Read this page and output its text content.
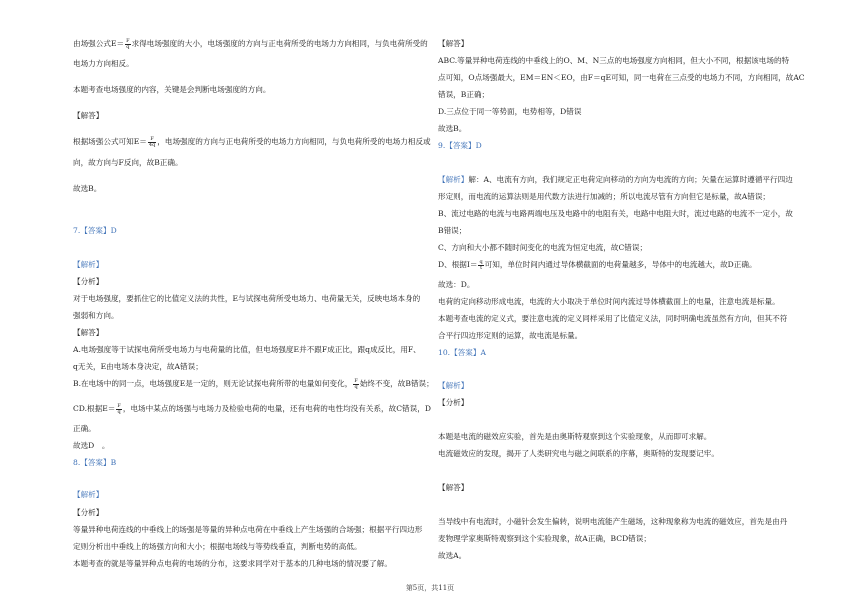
由场强公式$E= \frac{F}{q}$ 求得电场强度的大小，电场强度的方向与正电荷所受的电场力方向相同，与负电荷所受的
电场力方向相反。
本题考查电场强度的内容，关键是会判断电场强度的方向。
【解答】
根据场强公式可知$E= \frac{F}{4q}$ ，电场强度的方向与正电荷所受的电场力方向相同，与负电荷所受的电场力相反或
向，故方向与F反向，故B正确。
故选B。
7.【答案】D
【解析】
【分析】
对于电场强度，要抓住它的比值定义法的共性，E与试探电荷所受电场力、电荷量无关，反映电场本身的
强弱和方向。
【解答】
A.电场强度等于试探电荷所受电场力与电荷量的比值，但电场强度E并不跟F成正比，跟q成反比，用F、
q无关，E由电场本身决定，故A错误；
B.在电场中的同一点，电场强度E是一定的，则无论试探电荷所带的电量如何变化， $\frac{F}{q}$ 始终不变，故B错误；
CD.根据$E= \frac{F}{q}$ ，电场中某点的场强与电场力及检验电荷的电量，还有电荷的电性均没有关系，故C错误，D
正确。
故选D　。
8.【答案】B
【解析】
【分析】
等量异种电荷连线的中垂线上的场强是等量的异种点电荷在中垂线上产生场强的合场强；根据平行四边形
定则分析出中垂线上的场强方向和大小；根据电场线与等势线垂直，判断电势的高低。
本题考查的就是等量异种点电荷的电场的分布，这要求同学对于基本的几种电场的情况要了解。
【解答】
ABC.等量异种电荷连线的中垂线上的O、M、N三点的电场强度方向相同，但大小不同，根据该电场的特
点可知，O点场强最大，EM＝EN＜EO，由F＝qE可知，同一电荷在三点受的电场力不同，方向相同，故AC
错误，B正确；
D.三点位于同一等势面，电势相等，D错误
故选B。
9.【答案】D
【解析】解：A、电流有方向，我们规定正电荷定向移动的方向为电流的方向；矢量在运算时遵循平行四边
形定则，而电流的运算法则是用代数方法进行加减的；所以电流尽管有方向但它是标量，故A错误；
B、流过电路的电流与电路两端电压及电路中的电阻有关，电路中电阻大时，流过电路的电流不一定小，故
B错误；
C、方向和大小都不随时间变化的电流为恒定电流，故C错误；
D、根据$I= \frac{q}{t}$ 可知，单位时间内通过导体横截面的电荷量越多，导体中的电流越大，故D正确。
故选：D。
电荷的定向移动形成电流，电流的大小取决于单位时间内流过导体横截面上的电量，注意电流是标量。
本题考查电流的定义式，要注意电流的定义同样采用了比值定义法，同时明确电流虽然有方向，但其不符
合平行四边形定则的运算，故电流是标量。
10.【答案】A
【解析】
【分析】
本题是电流的磁效应实验，首先是由奥斯特观察到这个实验现象，从而即可求解。
电流磁效应的发现，揭开了人类研究电与磁之间联系的序幕，奥斯特的发现要记牢。
【解答】
当导线中有电流时，小磁针会发生偏转，说明电流能产生磁场，这种现象称为电流的磁效应，首先是由丹
麦物理学家奥斯特观察到这个实验现象，故A正确，BCD错误；
故选A。
第5页，共11页
